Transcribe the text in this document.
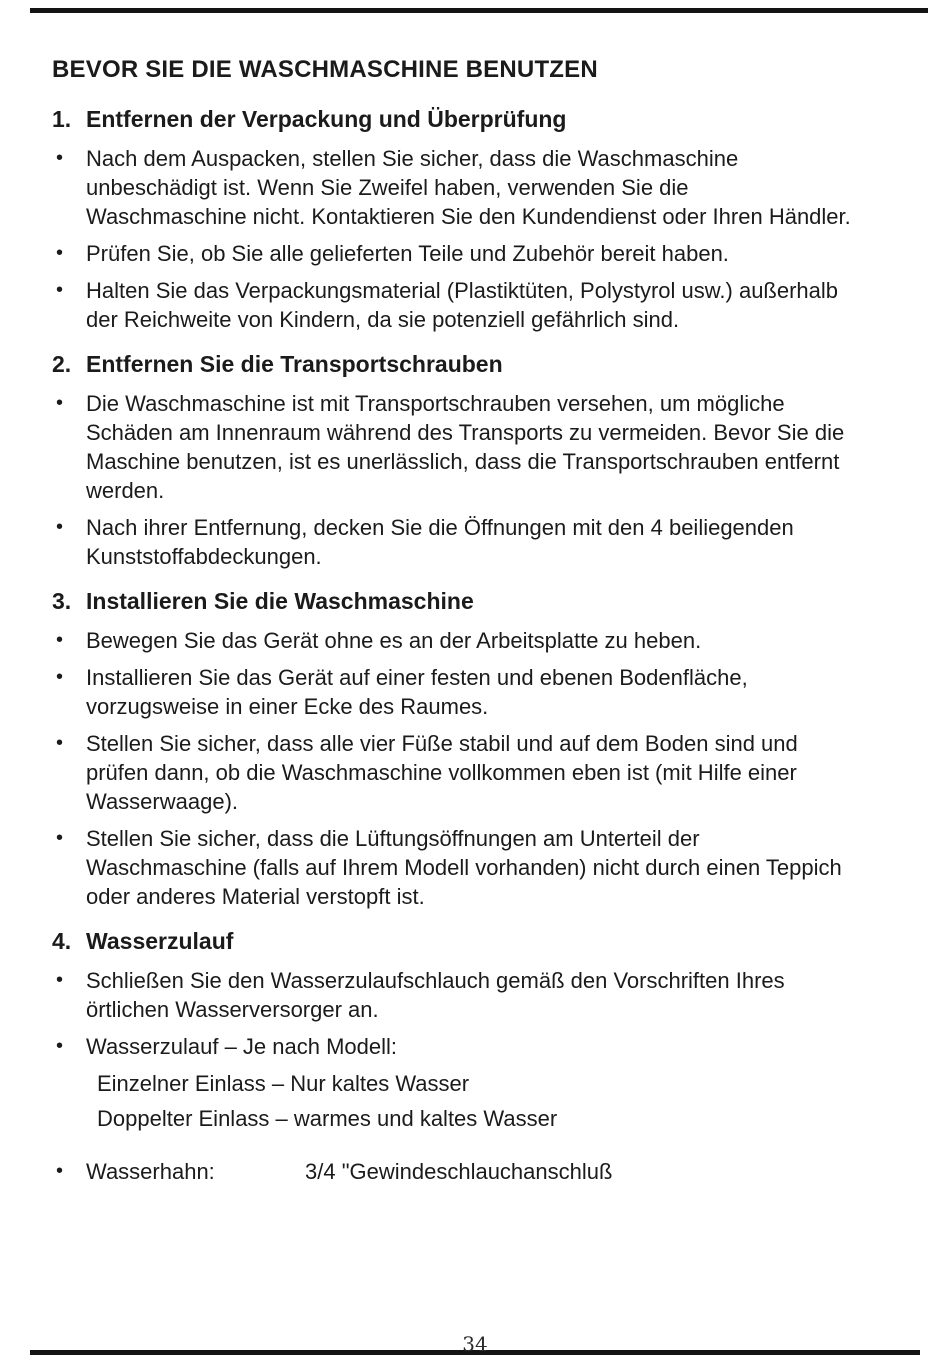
BEVOR SIE DIE WASCHMASCHINE BENUTZEN
1. Entfernen der Verpackung und Überprüfung
•	Nach dem Auspacken, stellen Sie sicher, dass die Waschmaschine
unbeschädigt ist. Wenn Sie Zweifel haben, verwenden Sie die
Waschmaschine nicht. Kontaktieren Sie den Kundendienst oder Ihren Händler.
•	Prüfen Sie, ob Sie alle gelieferten Teile und Zubehör bereit haben.
•	Halten Sie das Verpackungsmaterial (Plastiktüten, Polystyrol usw.) außerhalb
der Reichweite von Kindern, da sie potenziell gefährlich sind.
2. Entfernen Sie die Transportschrauben
•	Die Waschmaschine ist mit Transportschrauben versehen, um mögliche
Schäden am Innenraum während des Transports zu vermeiden. Bevor Sie die
Maschine benutzen, ist es unerlässlich, dass die Transportschrauben entfernt
werden.
•	Nach ihrer Entfernung, decken Sie die Öffnungen mit den 4 beiliegenden
Kunststoffabdeckungen.
3. Installieren Sie die Waschmaschine
•	Bewegen Sie das Gerät ohne es an der Arbeitsplatte zu heben.
•	Installieren Sie das Gerät auf einer festen und ebenen Bodenfläche,
vorzugsweise in einer Ecke des Raumes.
•	Stellen Sie sicher, dass alle vier Füße stabil und auf dem Boden sind und
prüfen dann, ob die Waschmaschine vollkommen eben ist (mit Hilfe einer
Wasserwaage).
•	Stellen Sie sicher, dass die Lüftungsöffnungen am Unterteil der
Waschmaschine (falls auf Ihrem Modell vorhanden) nicht durch einen Teppich
oder anderes Material verstopft ist.
4. Wasserzulauf
•	Schließen Sie den Wasserzulaufschlauch gemäß den Vorschriften Ihres
örtlichen Wasserversorger an.
•	Wasserzulauf – Je nach Modell:
Einzelner Einlass – Nur kaltes Wasser
Doppelter Einlass – warmes und kaltes Wasser
•	Wasserhahn:	3/4 "Gewindeschlauchanschluß
34
